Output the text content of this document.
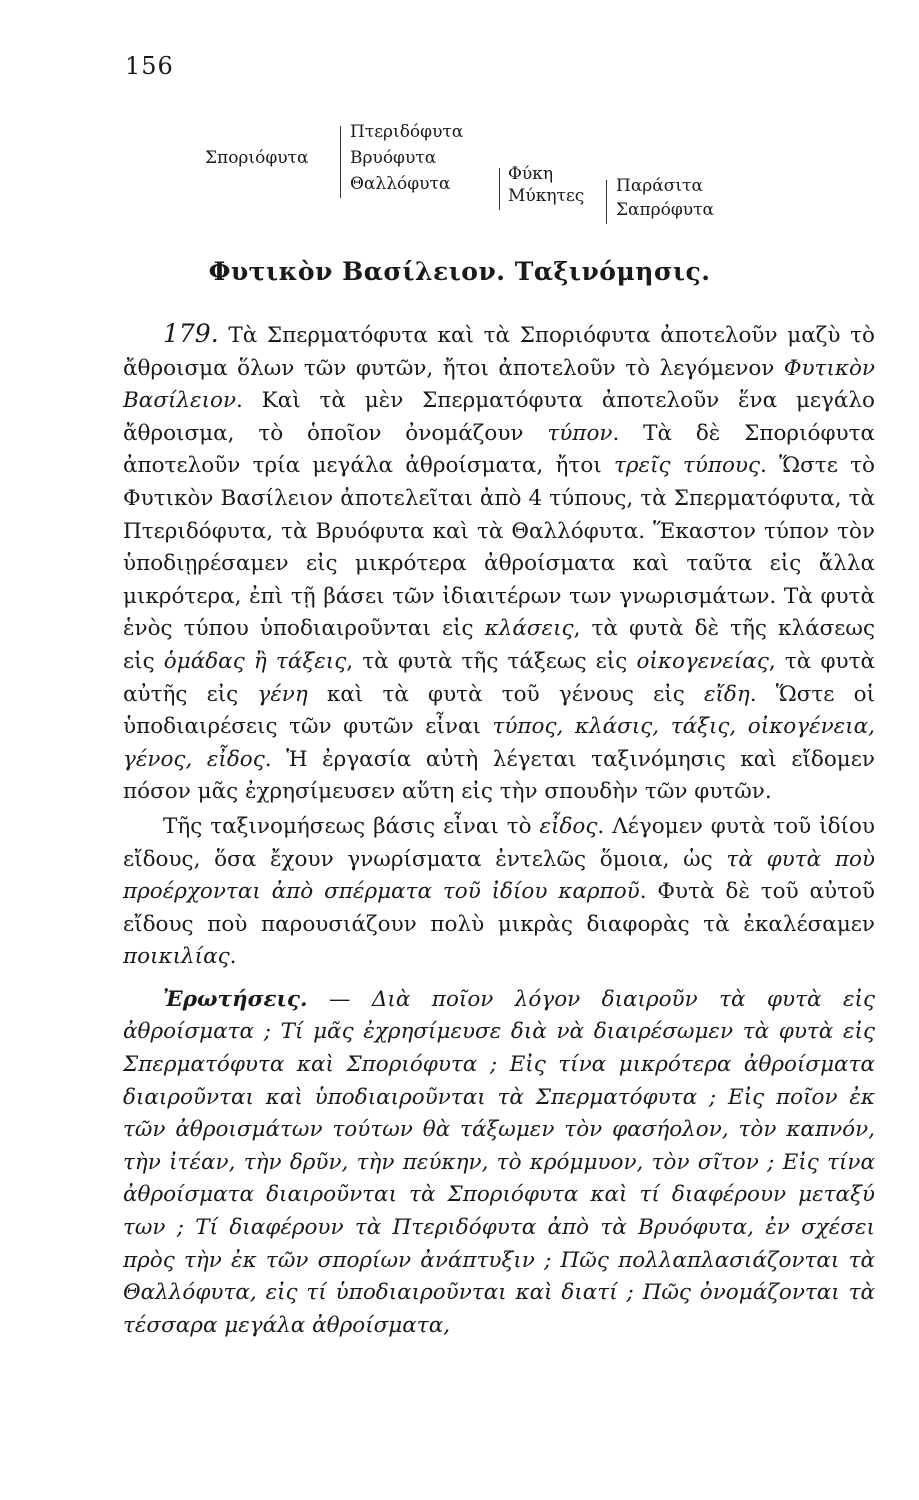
156
Σποριόφυτα
Πτεριδόφυτα
Βρυόφυτα
Θαλλόφυτα	Φύκη
Μύκητες Παράσιτα
Σαπρόφυτα
Φυτικὸν Βασίλειον. Ταξινόμησις.

179. Τὰ Σπερματόφυτα καὶ τὰ Σποριόφυτα ἀποτελοῦν μαζὺ τὸ ἄθροισμα ὅλων τῶν φυτῶν, ἤτοι ἀποτελοῦν τὸ λεγόμενον Φυτικὸν Βασίλειον. Καὶ τὰ μὲν Σπερματόφυτα ἀποτελοῦν ἕνα μεγάλο ἄθροισμα, τὸ ὁποῖον ὀνομάζουν τύπον. Τὰ δὲ Σποριόφυτα ἀποτελοῦν τρία μεγάλα ἀθροίσματα, ἤτοι τρεῖς τύπους. Ὥστε τὸ Φυτικὸν Βασίλειον ἀποτελεῖται ἀπὸ 4 τύπους, τὰ Σπερματόφυτα, τὰ Πτεριδόφυτα, τὰ Βρυόφυτα καὶ τὰ Θαλλόφυτα. Ἕκαστον τύπον τὸν ὑποδιῃρέσαμεν εἰς μικρότερα ἀθροίσματα καὶ ταῦτα εἰς ἄλλα μικρότερα, ἐπὶ τῇ βάσει τῶν ἰδιαιτέρων των γνωρισμάτων. Τὰ φυτὰ ἑνὸς τύπου ὑποδιαιροῦνται εἰς κλάσεις, τὰ φυτὰ δὲ τῆς κλάσεως εἰς ὁμάδας ἢ τάξεις, τὰ φυτὰ τῆς τάξεως εἰς οἰκογενείας, τὰ φυτὰ αὐτῆς εἰς γένη καὶ τὰ φυτὰ τοῦ γένους εἰς εἴδη. Ὥστε οἱ ὑποδιαιρέσεις τῶν φυτῶν εἶναι τύπος, κλάσις, τάξις, οἰκογένεια, γένος, εἶδος. Ἡ ἐργασία αὐτὴ λέγεται ταξινόμησις καὶ εἴδομεν πόσον μᾶς ἐχρησίμευσεν αὕτη εἰς τὴν σπουδὴν τῶν φυτῶν.

Τῆς ταξινομήσεως βάσις εἶναι τὸ εἶδος. Λέγομεν φυτὰ τοῦ ἰδίου εἴδους, ὅσα ἔχουν γνωρίσματα ἐντελῶς ὅμοια, ὡς τὰ φυτὰ ποὺ προέρχονται ἀπὸ σπέρματα τοῦ ἰδίου καρποῦ. Φυτὰ δὲ τοῦ αὐτοῦ εἴδους ποὺ παρουσιάζουν πολὺ μικρὰς διαφορὰς τὰ ἐκαλέσαμεν ποικιλίας.

Ἐρωτήσεις. — Διὰ ποῖον λόγον διαιροῦν τὰ φυτὰ εἰς ἀθροίσματα ; Τί μᾶς ἐχρησίμευσε διὰ νὰ διαιρέσωμεν τὰ φυτὰ εἰς Σπερματόφυτα καὶ Σποριόφυτα ; Εἰς τίνα μικρότερα ἀθροίσματα διαιροῦνται καὶ ὑποδιαιροῦνται τὰ Σπερματόφυτα ; Εἰς ποῖον ἐκ τῶν ἀθροισμάτων τούτων θὰ τάξωμεν τὸν φασήολον, τὸν καπνόν, τὴν ἰτέαν, τὴν δρῦν, τὴν πεύκην, τὸ κρόμμυον, τὸν σῖτον ; Εἰς τίνα ἀθροίσματα διαιροῦνται τὰ Σποριόφυτα καὶ τί διαφέρουν μεταξύ των ; Τί διαφέρουν τὰ Πτεριδόφυτα ἀπὸ τὰ Βρυόφυτα, ἐν σχέσει πρὸς τὴν ἐκ τῶν σπορίων ἀνάπτυξιν ; Πῶς πολλαπλασιάζονται τὰ Θαλλόφυτα, εἰς τί ὑποδιαιροῦνται καὶ διατί ; Πῶς ὀνομάζονται τὰ τέσσαρα μεγάλα ἀθροίσματα,
